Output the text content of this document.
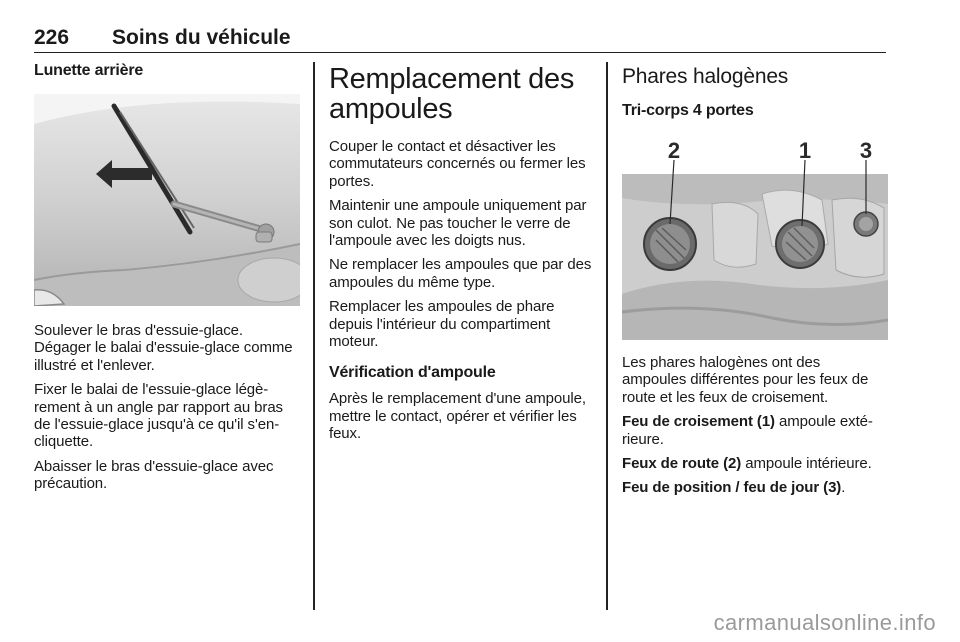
226 Soins du véhicule
Lunette arrière

Soulever le bras d'essuie-glace. Dégager le balai d'essuie-glace comme illustré et l'enlever.

Fixer le balai de l'essuie-glace légè-rement à un angle par rapport au bras de l'essuie-glace jusqu'à ce qu'il s'en-cliquette.

Abaisser le bras d'essuie-glace avec précaution.

Remplacement des ampoules

Couper le contact et désactiver les commutateurs concernés ou fermer les portes.

Maintenir une ampoule uniquement par son culot. Ne pas toucher le verre de l'ampoule avec les doigts nus.

Ne remplacer les ampoules que par des ampoules du même type.

Remplacer les ampoules de phare depuis l'intérieur du compartiment moteur.

Vérification d'ampoule

Après le remplacement d'une ampoule, mettre le contact, opérer et vérifier les feux.

Phares halogènes
Tri-corps 4 portes
2	1 3

Les phares halogènes ont des ampoules différentes pour les feux de route et les feux de croisement.

Feu de croisement (1) ampoule exté-rieure.

Feux de route (2) ampoule intérieure.

Feu de position / feu de jour (3).

carmanualsonline.info
